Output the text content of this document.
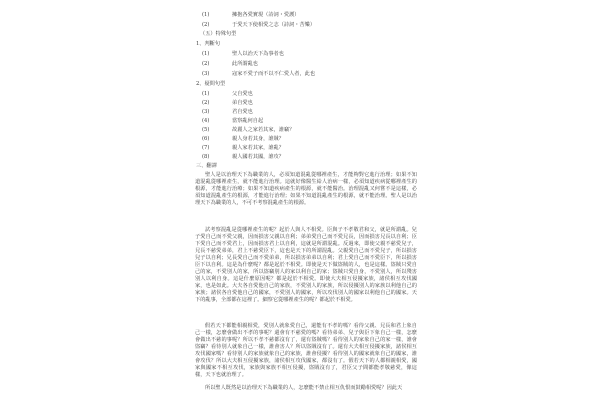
(1)	擁抱各愛實現（詩詞・愛護）
(2)	于愛天下使相愛之志（詩詞・苦樂）
（五）特殊句型
1、判斷句
(1)	聖人以治天下為事者也
(2)	此所謂亂也
(3)	寇家不愛子而不以不仁愛人者，此也
2、疑問句型
(1)	父自愛也
(2)	弟自愛也
(3)	君自愛也
(4)	當察亂何自起
(5)	故麗人之家若其家，誰竊？
(6)	親人身若其身，誰賊？
(7)	親人家若其家，誰亂？
(8)	親人國若其國，誰攻？
三、翻譯

聖人是以治理天下為職業的人，必須知道混亂從哪裡產生，才能夠對它進行治理；如果不知道混亂從哪裡產生，就不能進行治理。這就好像醫生給人治病一樣，必須知道疾病從哪裡產生的根源，才能進行治療；如果不知道疾病產生的根源，就不能醫治。治理混亂又何嘗不是這樣，必須知道混亂產生的根源，才能進行治理；如果不知道混亂產生的根源，就不能治理。聖人是以治理天下為職業的人，不可不考察混亂產生的根源。

試考察混亂是從哪裡產生的呢？起於人與人不相愛。臣與子不孝敬君和父，就是所謂亂。兒子愛自己而不愛父親，因而損害父親以自利；弟弟愛自己而不愛兄長，因而損害兄長以自利；臣下愛自己而不愛君上，因而損害君上以自利，這就是所謂混亂。反過來，即使父親不慈愛兒子，兄長不慈愛弟弟，君上不慈愛臣下，這也是天下的所謂混亂。父親愛自己而不愛兒子，所以損害兒子以自利；兄長愛自己而不愛弟弟，所以損害弟弟以自利；君上愛自己而不愛臣下，所以損害臣下以自利。這是為什麼呢？都是起於不相愛。即使是天下做盜賊的人，也是這樣。盜賊只愛自己的家，不愛別人的家，所以盜竊別人的家以利自己的家；盜賊只愛自身，不愛別人，所以殘害別人以利自身。這是什麼原因呢？都是起於不相愛。即使大夫相互侵擾家族，諸侯相互攻伐國家，也是如此。大夫各自愛他自己的家族，不愛別人的家族，所以侵擾別人的家族以利他自己的家族；諸侯各自愛他自己的國家，不愛別人的國家，所以攻伐別人的國家以利他自己的國家。天下的亂事，全部都在這裡了。細察它從哪裡產生的呢？都起於不相愛。

假若天下都能相親相愛，愛別人就象愛自己，還能有不孝的嗎？看待父親、兄長和君上象自己一樣，怎麼會做出不孝的事呢？還會有不慈愛的嗎？看待弟弟、兒子與臣下象自己一樣，怎麼會做出不慈的事呢？所以不孝不慈都沒有了，還有盜賊嗎？看待別人的家象自己的家一樣，誰會盜竊？看待別人就象自己一樣，誰會害人？所以盜賊沒有了。還有大夫相互侵擾家族，諸侯相互攻伐國家嗎？看待別人的家族就象自己的家族，誰會侵擾？看待別人的國家就象自己的國家，誰會攻伐？所以大夫相互侵擾家族，諸侯相互攻伐國家，都沒有了。假若天下的人都相親相愛，國家與國家不相互攻伐，家族與家族不相互侵擾，盜賊沒有了，君臣父子間都能孝敬慈愛，像這樣，天下也就治理了。

所以聖人既然是以治理天下為職業的人，怎麼能不禁止相互仇恨而鼓勵相愛呢？因此天
